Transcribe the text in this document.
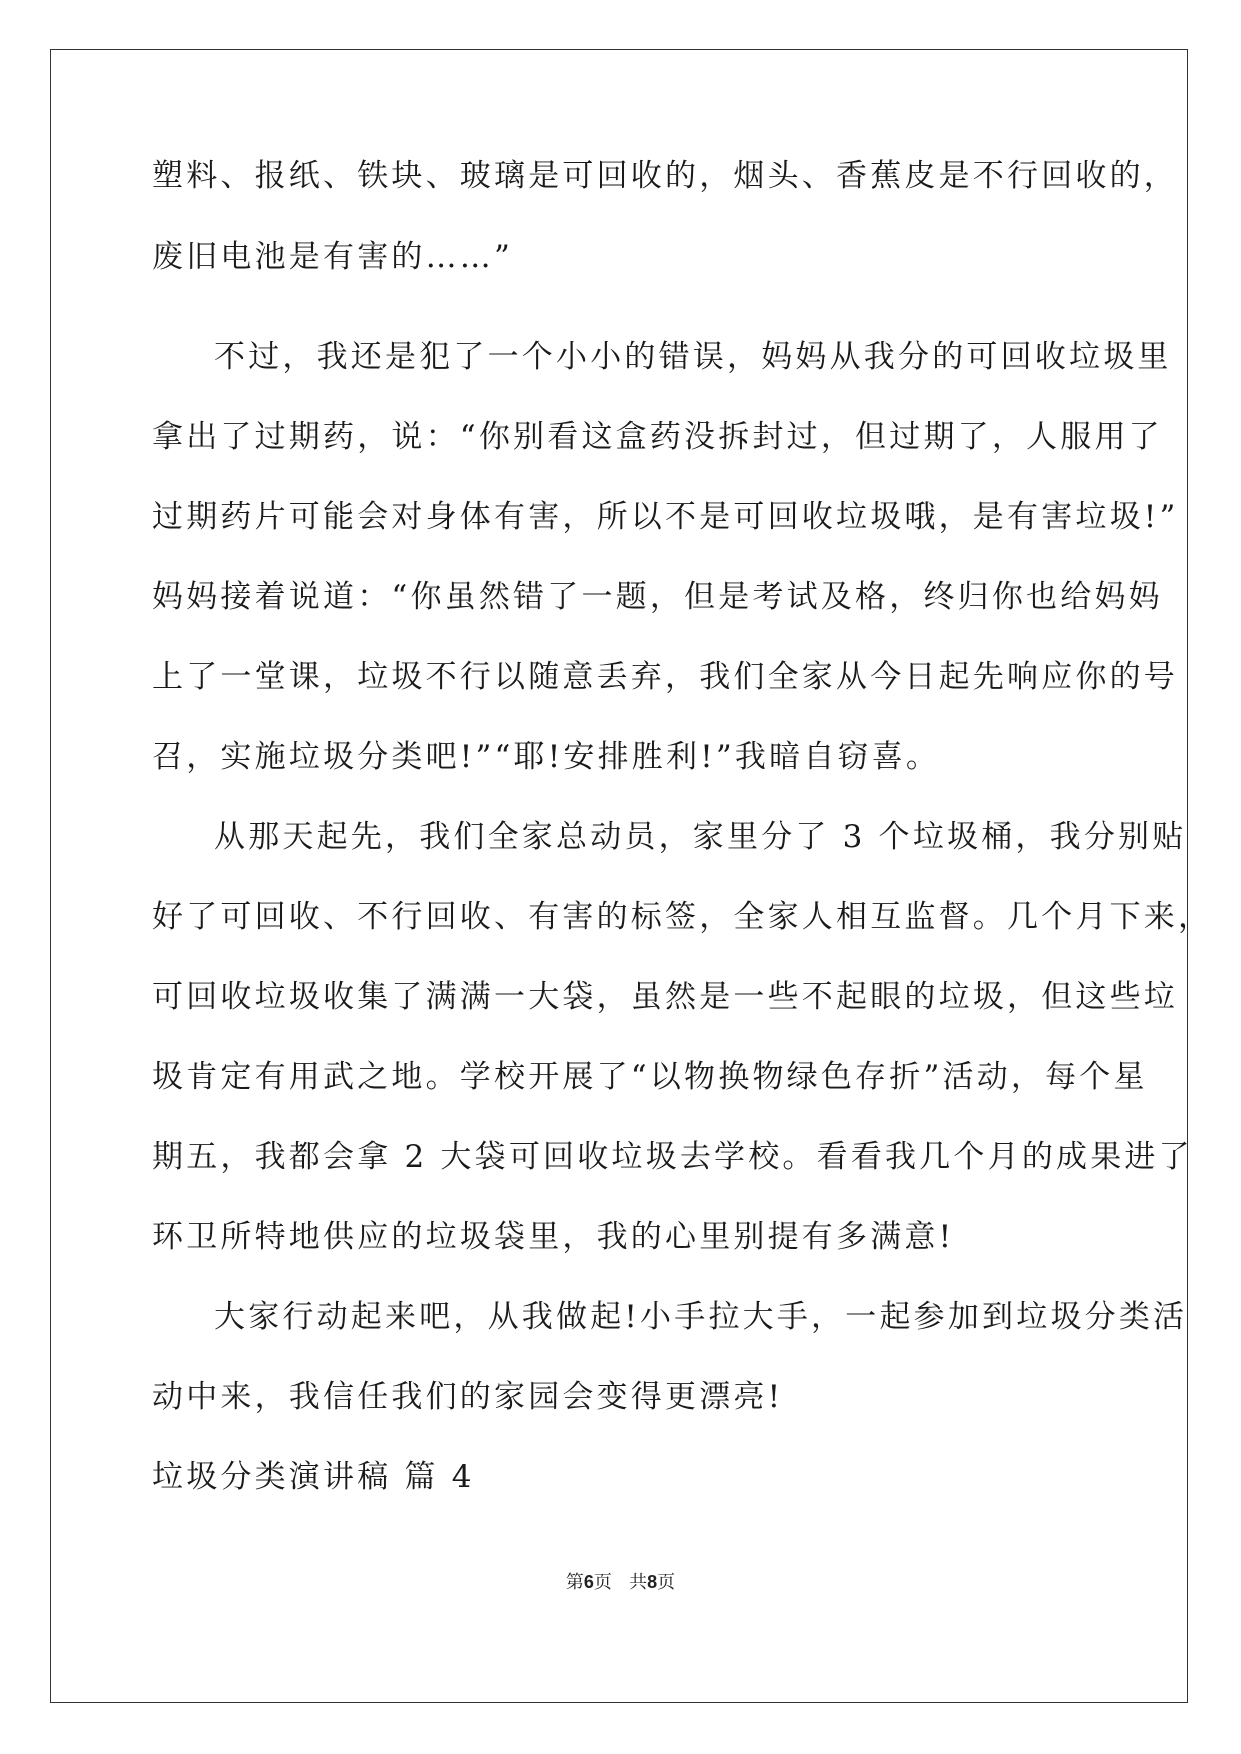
塑料、报纸、铁块、玻璃是可回收的，烟头、香蕉皮是不行回收的，
废旧电池是有害的……”
不过，我还是犯了一个小小的错误，妈妈从我分的可回收垃圾里
拿出了过期药，说：“你别看这盒药没拆封过，但过期了，人服用了
过期药片可能会对身体有害，所以不是可回收垃圾哦，是有害垃圾!”
妈妈接着说道：“你虽然错了一题，但是考试及格，终归你也给妈妈
上了一堂课，垃圾不行以随意丢弃，我们全家从今日起先响应你的号
召，实施垃圾分类吧!”“耶!安排胜利!”我暗自窃喜。
从那天起先，我们全家总动员，家里分了 3 个垃圾桶，我分别贴
好了可回收、不行回收、有害的标签，全家人相互监督。几个月下来，
可回收垃圾收集了满满一大袋，虽然是一些不起眼的垃圾，但这些垃
圾肯定有用武之地。学校开展了“以物换物绿色存折”活动，每个星
期五，我都会拿 2 大袋可回收垃圾去学校。看看我几个月的成果进了
环卫所特地供应的垃圾袋里，我的心里别提有多满意!
大家行动起来吧，从我做起!小手拉大手，一起参加到垃圾分类活
动中来，我信任我们的家园会变得更漂亮!
垃圾分类演讲稿 篇 4
第6页   共8页
